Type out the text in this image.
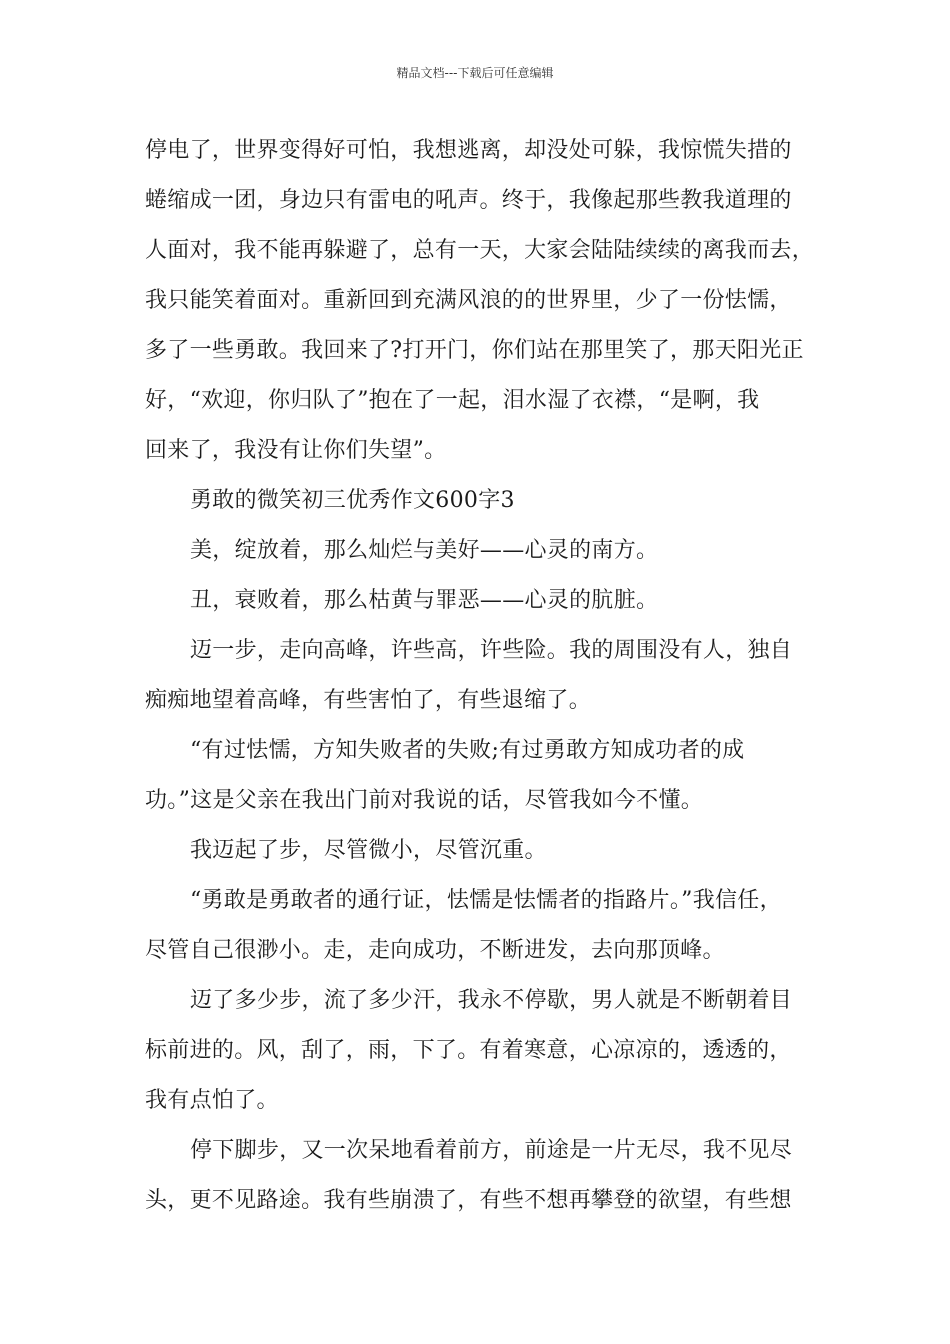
精品文档---下载后可任意编辑
停电了，世界变得好可怕，我想逃离，却没处可躲，我惊慌失措的
蜷缩成一团，身边只有雷电的吼声。终于，我像起那些教我道理的
人面对，我不能再躲避了，总有一天，大家会陆陆续续的离我而去，
我只能笑着面对。重新回到充满风浪的的世界里，少了一份怯懦，
多了一些勇敢。我回来了?打开门，你们站在那里笑了，那天阳光正
好，“欢迎，你归队了”抱在了一起，泪水湿了衣襟，“是啊，我
回来了，我没有让你们失望”。
勇敢的微笑初三优秀作文600字3
美，绽放着，那么灿烂与美好——心灵的南方。
丑，衰败着，那么枯黄与罪恶——心灵的肮脏。
迈一步，走向高峰，许些高，许些险。我的周围没有人，独自
痴痴地望着高峰，有些害怕了，有些退缩了。
“有过怯懦，方知失败者的失败;有过勇敢方知成功者的成
功。”这是父亲在我出门前对我说的话，尽管我如今不懂。
我迈起了步，尽管微小，尽管沉重。
“勇敢是勇敢者的通行证，怯懦是怯懦者的指路片。”我信任，
尽管自己很渺小。走，走向成功，不断进发，去向那顶峰。
迈了多少步，流了多少汗，我永不停歇，男人就是不断朝着目
标前进的。风，刮了，雨，下了。有着寒意，心凉凉的，透透的，
我有点怕了。
停下脚步，又一次呆地看着前方，前途是一片无尽，我不见尽
头，更不见路途。我有些崩溃了，有些不想再攀登的欲望，有些想
